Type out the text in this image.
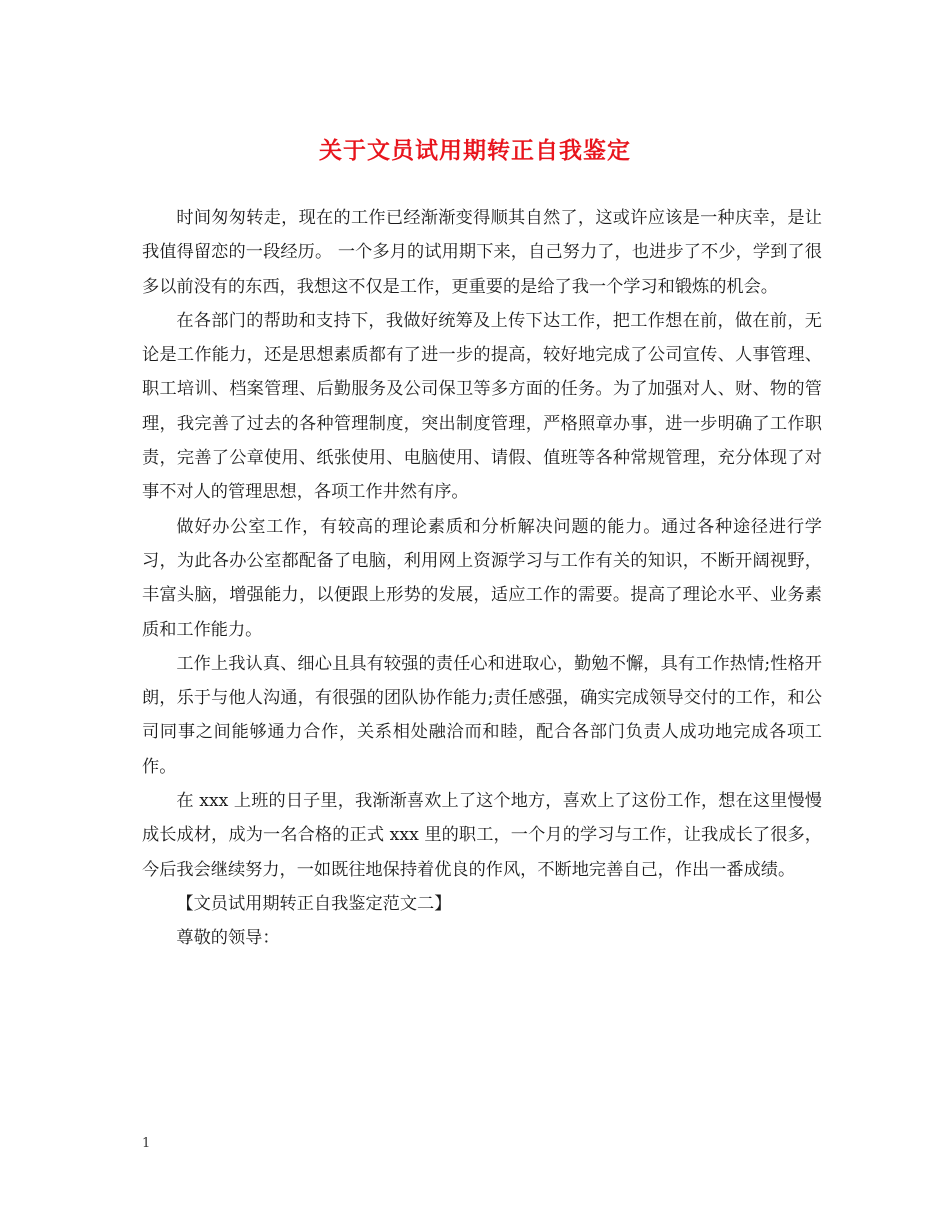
关于文员试用期转正自我鉴定

时间匆匆转走，现在的工作已经渐渐变得顺其自然了，这或许应该是一种庆幸，是让我值得留恋的一段经历。 一个多月的试用期下来，自己努力了，也进步了不少，学到了很多以前没有的东西，我想这不仅是工作，更重要的是给了我一个学习和锻炼的机会。

在各部门的帮助和支持下，我做好统筹及上传下达工作，把工作想在前，做在前，无论是工作能力，还是思想素质都有了进一步的提高，较好地完成了公司宣传、人事管理、职工培训、档案管理、后勤服务及公司保卫等多方面的任务。为了加强对人、财、物的管理，我完善了过去的各种管理制度，突出制度管理，严格照章办事，进一步明确了工作职责，完善了公章使用、纸张使用、电脑使用、请假、值班等各种常规管理，充分体现了对事不对人的管理思想，各项工作井然有序。

做好办公室工作，有较高的理论素质和分析解决问题的能力。通过各种途径进行学习，为此各办公室都配备了电脑，利用网上资源学习与工作有关的知识，不断开阔视野，丰富头脑，增强能力，以便跟上形势的发展，适应工作的需要。提高了理论水平、业务素质和工作能力。

工作上我认真、细心且具有较强的责任心和进取心，勤勉不懈，具有工作热情;性格开朗，乐于与他人沟通，有很强的团队协作能力;责任感强，确实完成领导交付的工作，和公司同事之间能够通力合作，关系相处融洽而和睦，配合各部门负责人成功地完成各项工作。

在 xxx 上班的日子里，我渐渐喜欢上了这个地方，喜欢上了这份工作，想在这里慢慢成长成材，成为一名合格的正式 xxx 里的职工，一个月的学习与工作，让我成长了很多，今后我会继续努力，一如既往地保持着优良的作风，不断地完善自己，作出一番成绩。

【文员试用期转正自我鉴定范文二】

尊敬的领导：

1
